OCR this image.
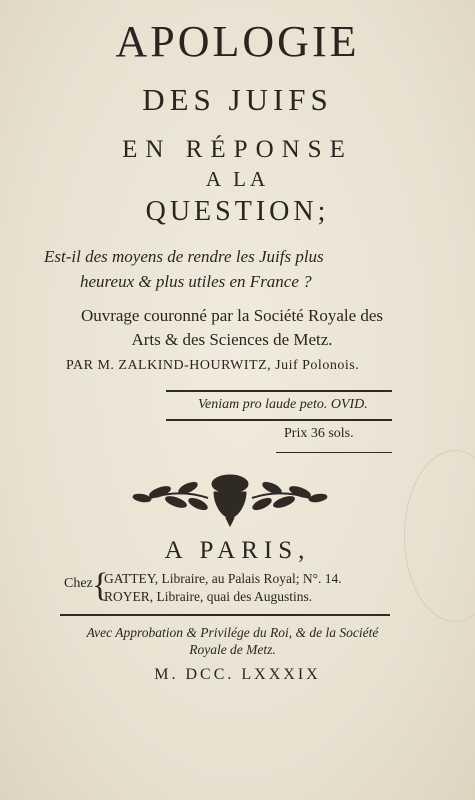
APOLOGIE
DES JUIFS
EN RÉPONSE
A LA
QUESTION;
Est-il des moyens de rendre les Juifs plus
heureux & plus utiles en France ?
Ouvrage couronné par la Société Royale des
Arts & des Sciences de Metz.
PAR M. ZALKIND-HOURWITZ, Juif Polonois.
Veniam pro laude peto. OVID.
Prix 36 sols.
A PARIS,
Chez {
GATTEY, Libraire, au Palais Royal; N°. 14.
ROYER, Libraire, quai des Augustins.
Avec Approbation & Privilége du Roi, & de la Société
Royale de Metz.
M. DCC. LXXXIX
